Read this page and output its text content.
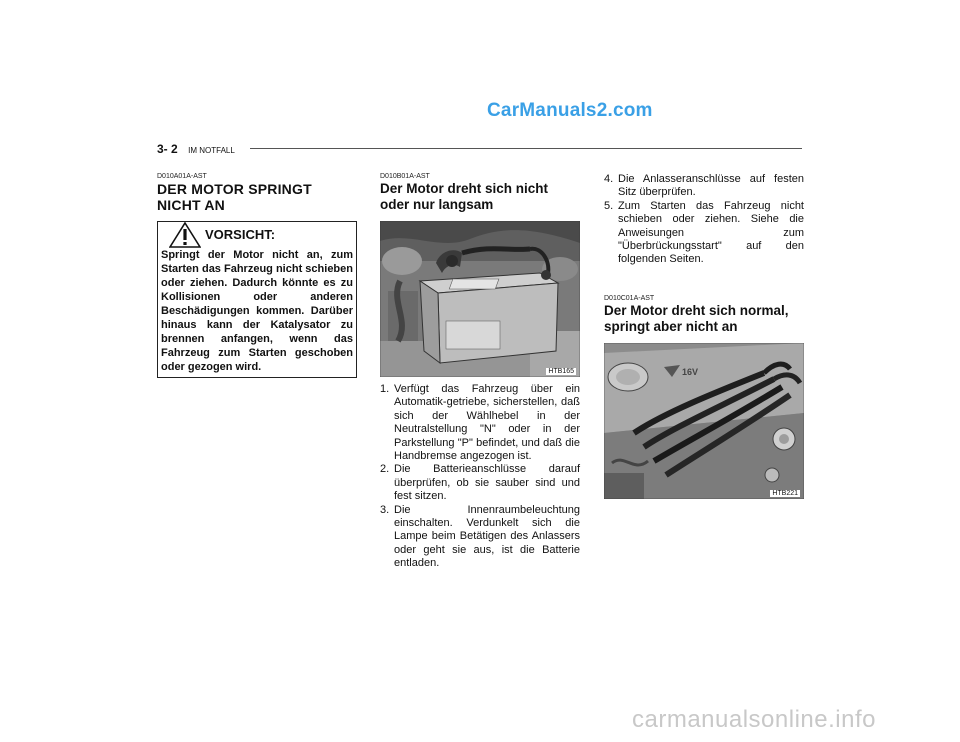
CarManuals2.com
3- 2 IM NOTFALL
D010A01A-AST
DER MOTOR SPRINGT NICHT AN
VORSICHT:
Springt der Motor nicht an, zum Starten das Fahrzeug nicht schieben oder ziehen. Dadurch könnte es zu Kollisionen oder anderen Beschädigungen kommen. Darüber hinaus kann der Katalysator zu brennen anfangen, wenn das Fahrzeug zum Starten geschoben oder gezogen wird.
D010B01A-AST
Der Motor dreht sich nicht oder nur langsam
HTB165
1. Verfügt das Fahrzeug über ein Automatik-getriebe, sicherstellen, daß sich der Wählhebel in der Neutralstellung "N" oder in der Parkstellung "P" befindet, und daß die Handbremse angezogen ist.
2. Die Batterieanschlüsse darauf überprüfen, ob sie sauber sind und fest sitzen.
3. Die Innenraumbeleuchtung einschalten. Verdunkelt sich die Lampe beim Betätigen des Anlassers oder geht sie aus, ist die Batterie entladen.
4. Die Anlasseranschlüsse auf festen Sitz überprüfen.
5. Zum Starten das Fahrzeug nicht schieben oder ziehen. Siehe die Anweisungen zum "Überbrückungsstart" auf den folgenden Seiten.
D010C01A-AST
Der Motor dreht sich normal, springt aber nicht an
16V
HTB221
carmanualsonline.info
